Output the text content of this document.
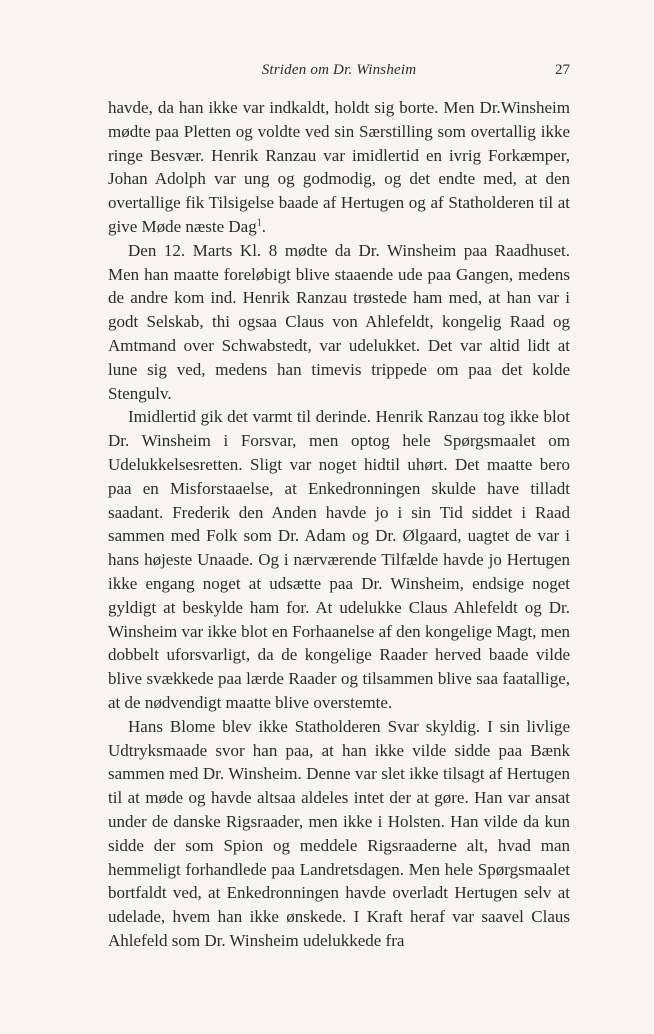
Striden om Dr. Winsheim	27

havde, da han ikke var indkaldt, holdt sig borte. Men Dr.Winsheim mødte paa Pletten og voldte ved sin Særstilling som overtallig ikke ringe Besvær. Henrik Ranzau var imidlertid en ivrig Forkæmper, Johan Adolph var ung og godmodig, og det endte med, at den overtallige fik Tilsigelse baade af Hertugen og af Statholderen til at give Møde næste Dag$^1$.

Den 12. Marts Kl. 8 mødte da Dr. Winsheim paa Raadhuset. Men han maatte foreløbigt blive staaende ude paa Gangen, medens de andre kom ind. Henrik Ranzau trøstede ham med, at han var i godt Selskab, thi ogsaa Claus von Ahlefeldt, kongelig Raad og Amtmand over Schwabstedt, var udelukket. Det var altid lidt at lune sig ved, medens han timevis trippede om paa det kolde Stengulv.

Imidlertid gik det varmt til derinde. Henrik Ranzau tog ikke blot Dr. Winsheim i Forsvar, men optog hele Spørgsmaalet om Udelukkelsesretten. Sligt var noget hidtil uhørt. Det maatte bero paa en Misforstaaelse, at Enkedronningen skulde have tilladt saadant. Frederik den Anden havde jo i sin Tid siddet i Raad sammen med Folk som Dr. Adam og Dr. Ølgaard, uagtet de var i hans højeste Unaade. Og i nærværende Tilfælde havde jo Hertugen ikke engang noget at udsætte paa Dr. Winsheim, endsige noget gyldigt at beskylde ham for. At udelukke Claus Ahlefeldt og Dr. Winsheim var ikke blot en Forhaanelse af den kongelige Magt, men dobbelt uforsvarligt, da de kongelige Raader herved baade vilde blive svækkede paa lærde Raader og tilsammen blive saa faatallige, at de nødvendigt maatte blive overstemte.

Hans Blome blev ikke Statholderen Svar skyldig. I sin livlige Udtryksmaade svor han paa, at han ikke vilde sidde paa Bænk sammen med Dr. Winsheim. Denne var slet ikke tilsagt af Hertugen til at møde og havde altsaa aldeles intet der at gøre. Han var ansat under de danske Rigsraader, men ikke i Holsten. Han vilde da kun sidde der som Spion og meddele Rigsraaderne alt, hvad man hemmeligt forhandlede paa Landretsdagen. Men hele Spørgsmaalet bortfaldt ved, at Enkedronningen havde overladt Hertugen selv at udelade, hvem han ikke ønskede. I Kraft heraf var saavel Claus Ahlefeld som Dr. Winsheim udelukkede fra
